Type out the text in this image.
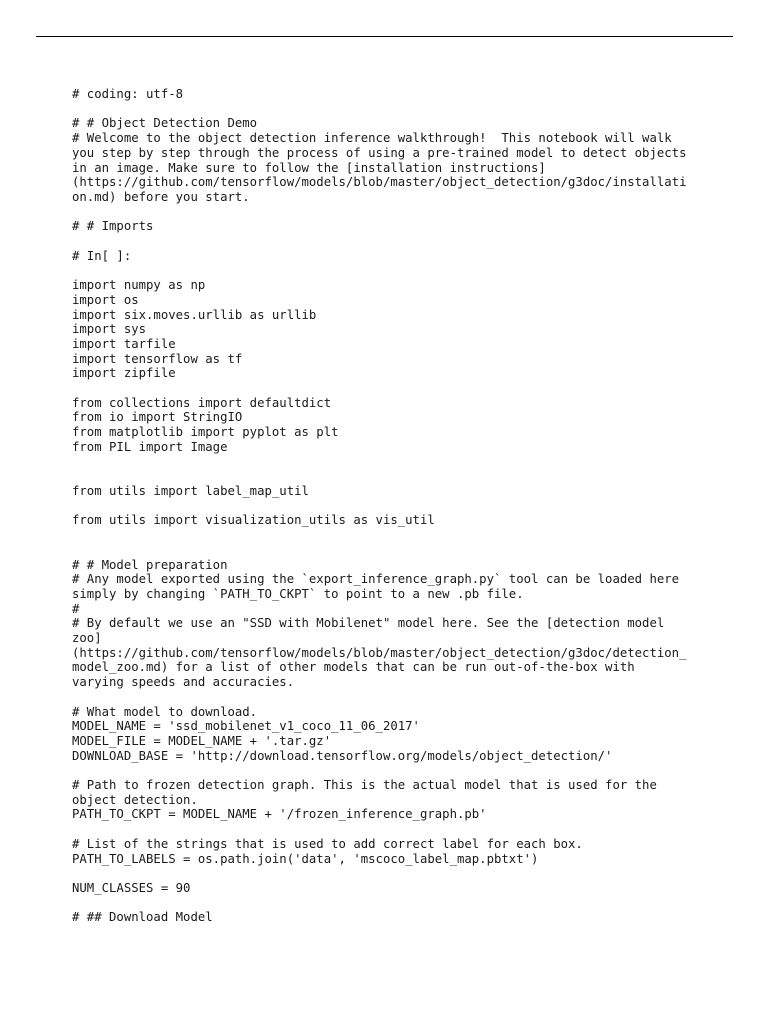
# coding: utf-8

# # Object Detection Demo
# Welcome to the object detection inference walkthrough!  This notebook will walk
you step by step through the process of using a pre-trained model to detect objects
in an image. Make sure to follow the [installation instructions]
(https://github.com/tensorflow/models/blob/master/object_detection/g3doc/installati
on.md) before you start.

# # Imports

# In[ ]:

import numpy as np
import os
import six.moves.urllib as urllib
import sys
import tarfile
import tensorflow as tf
import zipfile

from collections import defaultdict
from io import StringIO
from matplotlib import pyplot as plt
from PIL import Image

from utils import label_map_util

from utils import visualization_utils as vis_util

# # Model preparation
# Any model exported using the `export_inference_graph.py` tool can be loaded here
simply by changing `PATH_TO_CKPT` to point to a new .pb file.
#
# By default we use an "SSD with Mobilenet" model here. See the [detection model
zoo]
(https://github.com/tensorflow/models/blob/master/object_detection/g3doc/detection_
model_zoo.md) for a list of other models that can be run out-of-the-box with
varying speeds and accuracies.

# What model to download.
MODEL_NAME = 'ssd_mobilenet_v1_coco_11_06_2017'
MODEL_FILE = MODEL_NAME + '.tar.gz'
DOWNLOAD_BASE = 'http://download.tensorflow.org/models/object_detection/'

# Path to frozen detection graph. This is the actual model that is used for the
object detection.
PATH_TO_CKPT = MODEL_NAME + '/frozen_inference_graph.pb'

# List of the strings that is used to add correct label for each box.
PATH_TO_LABELS = os.path.join('data', 'mscoco_label_map.pbtxt')

NUM_CLASSES = 90

# ## Download Model
